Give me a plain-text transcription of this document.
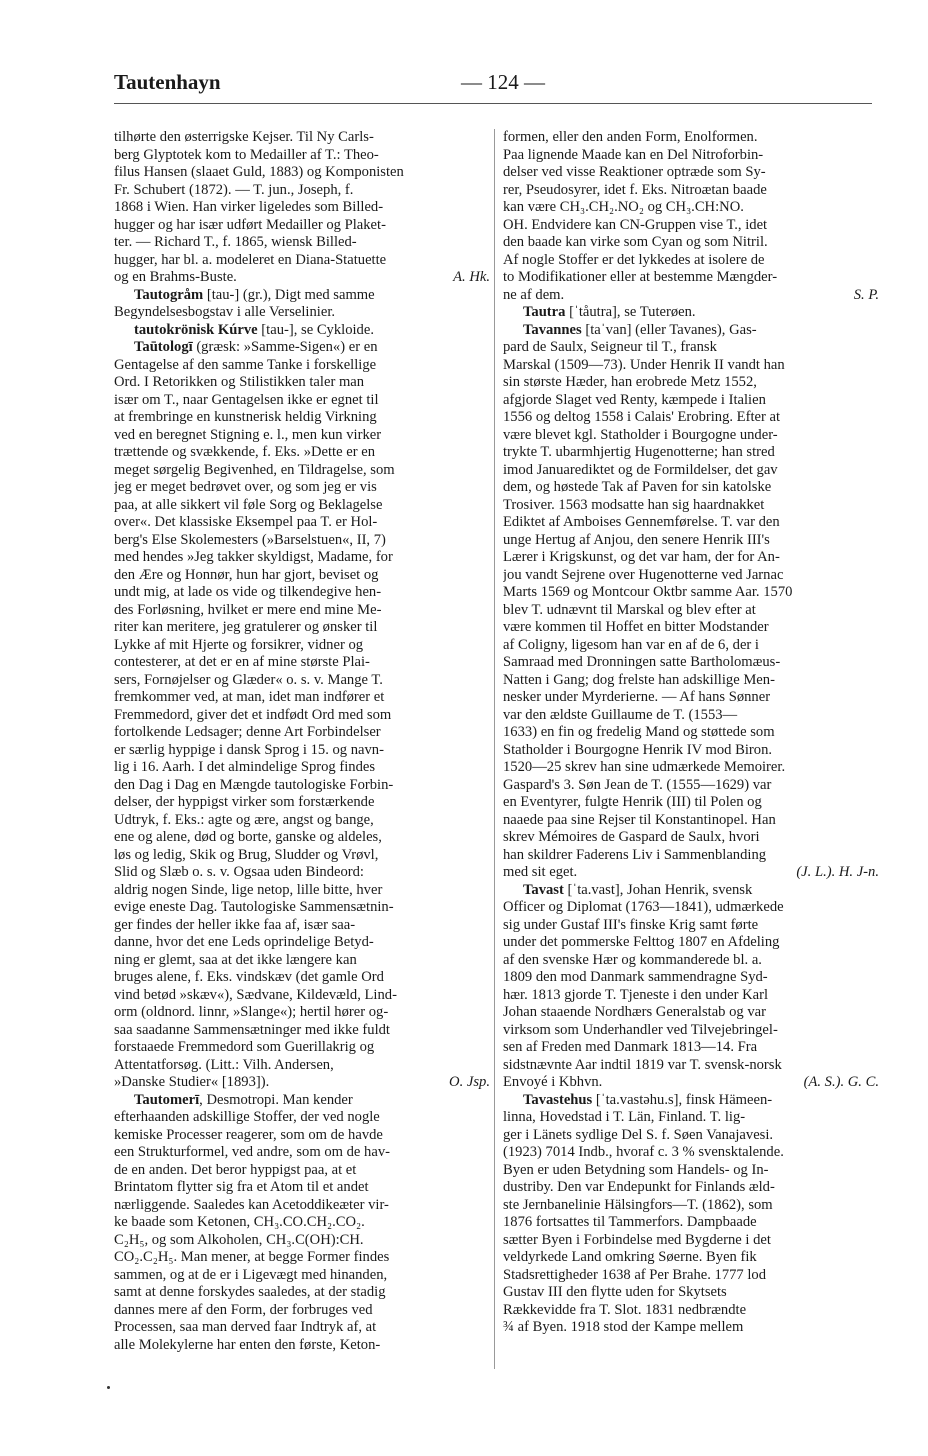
Tautenhayn	— 124 —
tilhørte den østerrigske Kejser. Til Ny Carls-
berg Glyptotek kom to Medailler af T.: Theo-
filus Hansen (slaaet Guld, 1883) og Komponisten
Fr. Schubert (1872). — T. jun., Joseph, f.
1868 i Wien. Han virker ligeledes som Billed-
hugger og har især udført Medailler og Plaket-
ter. — Richard T., f. 1865, wiensk Billed-
hugger, har bl. a. modeleret en Diana-Statuette
A. Hk.
og en Brahms-Buste.
Tautogråm [tau-] (gr.), Digt med samme
Begyndelsesbogstav i alle Verselinier.
tautokrönisk Kúrve [tau-], se Cykloide.
Taūtologī (græsk: »Samme-Sigen«) er en
Gentagelse af den samme Tanke i forskellige
Ord. I Retorikken og Stilistikken taler man
især om T., naar Gentagelsen ikke er egnet til
at frembringe en kunstnerisk heldig Virkning
ved en beregnet Stigning e. l., men kun virker
trættende og svækkende, f. Eks. »Dette er en
meget sørgelig Begivenhed, en Tildragelse, som
jeg er meget bedrøvet over, og som jeg er vis
paa, at alle sikkert vil føle Sorg og Beklagelse
over«. Det klassiske Eksempel paa T. er Hol-
berg's Else Skolemesters (»Barselstuen«, II, 7)
med hendes »Jeg takker skyldigst, Madame, for
den Ære og Honnør, hun har gjort, beviset og
undt mig, at lade os vide og tilkendegive hen-
des Forløsning, hvilket er mere end mine Me-
riter kan meritere, jeg gratulerer og ønsker til
Lykke af mit Hjerte og forsikrer, vidner og
contesterer, at det er en af mine største Plai-
sers, Fornøjelser og Glæder« o. s. v. Mange T.
fremkommer ved, at man, idet man indfører et
Fremmedord, giver det et indfødt Ord med som
fortolkende Ledsager; denne Art Forbindelser
er særlig hyppige i dansk Sprog i 15. og navn-
lig i 16. Aarh. I det almindelige Sprog findes
den Dag i Dag en Mængde tautologiske Forbin-
delser, der hyppigst virker som forstærkende
Udtryk, f. Eks.: agte og ære, angst og bange,
ene og alene, død og borte, ganske og aldeles,
løs og ledig, Skik og Brug, Sludder og Vrøvl,
Slid og Slæb o. s. v. Ogsaa uden Bindeord:
aldrig nogen Sinde, lige netop, lille bitte, hver
evige eneste Dag. Tautologiske Sammensætnin-
ger findes der heller ikke faa af, især saa-
danne, hvor det ene Leds oprindelige Betyd-
ning er glemt, saa at det ikke længere kan
bruges alene, f. Eks. vindskæv (det gamle Ord
vind betød »skæv«), Sædvane, Kildevæld, Lind-
orm (oldnord. linnr, »Slange«); hertil hører og-
saa saadanne Sammensætninger med ikke fuldt
forstaaede Fremmedord som Guerillakrig og
Attentatforsøg. (Litt.: Vilh. Andersen,
O. Jsp.
»Danske Studier« [1893]).
Tautomerī, Desmotropi. Man kender
efterhaanden adskillige Stoffer, der ved nogle
kemiske Processer reagerer, som om de havde
een Strukturformel, ved andre, som om de hav-
de en anden. Det beror hyppigst paa, at et
Brintatom flytter sig fra et Atom til et andet
nærliggende. Saaledes kan Acetoddikeæter vir-
ke baade som Ketonen, CH₃.CO.CH₂.CO₂.
C₂H₅, og som Alkoholen, CH₃.C(OH):CH.
CO₂.C₂H₅. Man mener, at begge Former findes
sammen, og at de er i Ligevægt med hinanden,
samt at denne forskydes saaledes, at der stadig
dannes mere af den Form, der forbruges ved
Processen, saa man derved faar Indtryk af, at
alle Molekylerne har enten den første, Keton-
formen, eller den anden Form, Enolformen.
Paa lignende Maade kan en Del Nitroforbin-
delser ved visse Reaktioner optræde som Sy-
rer, Pseudosyrer, idet f. Eks. Nitroætan baade
kan være CH₃.CH₂.NO₂ og CH₃.CH:NO.
OH. Endvidere kan CN-Gruppen vise T., idet
den baade kan virke som Cyan og som Nitril.
Af nogle Stoffer er det lykkedes at isolere de
to Modifikationer eller at bestemme Mængder-
S. P.
ne af dem.
Tautra [ˈtåutra], se Tuterøen.
Tavannes [taˈvan] (eller Tavanes), Gas-
pard de Saulx, Seigneur til T., fransk
Marskal (1509—73). Under Henrik II vandt han
sin største Hæder, han erobrede Metz 1552,
afgjorde Slaget ved Renty, kæmpede i Italien
1556 og deltog 1558 i Calais' Erobring. Efter at
være blevet kgl. Statholder i Bourgogne under-
trykte T. ubarmhjertig Hugenotterne; han stred
imod Januarediktet og de Formildelser, det gav
dem, og høstede Tak af Paven for sin katolske
Trosiver. 1563 modsatte han sig haardnakket
Ediktet af Amboises Gennemførelse. T. var den
unge Hertug af Anjou, den senere Henrik III's
Lærer i Krigskunst, og det var ham, der for An-
jou vandt Sejrene over Hugenotterne ved Jarnac
Marts 1569 og Montcour Oktbr samme Aar. 1570
blev T. udnævnt til Marskal og blev efter at
være kommen til Hoffet en bitter Modstander
af Coligny, ligesom han var en af de 6, der i
Samraad med Dronningen satte Bartholomæus-
Natten i Gang; dog frelste han adskillige Men-
nesker under Myrderierne. — Af hans Sønner
var den ældste Guillaume de T. (1553—
1633) en fin og fredelig Mand og støttede som
Statholder i Bourgogne Henrik IV mod Biron.
1520—25 skrev han sine udmærkede Memoirer.
Gaspard's 3. Søn Jean de T. (1555—1629) var
en Eventyrer, fulgte Henrik (III) til Polen og
naaede paa sine Rejser til Konstantinopel. Han
skrev Mémoires de Gaspard de Saulx, hvori
han skildrer Faderens Liv i Sammenblanding
(J. L.). H. J-n.
med sit eget.
Tavast [ˈta.vast], Johan Henrik, svensk
Officer og Diplomat (1763—1841), udmærkede
sig under Gustaf III's finske Krig samt førte
under det pommerske Felttog 1807 en Afdeling
af den svenske Hær og kommanderede bl. a.
1809 den mod Danmark sammendragne Syd-
hær. 1813 gjorde T. Tjeneste i den under Karl
Johan staaende Nordhærs Generalstab og var
virksom som Underhandler ved Tilvejebringel-
sen af Freden med Danmark 1813—14. Fra
sidstnævnte Aar indtil 1819 var T. svensk-norsk
(A. S.). G. C.
Envoyé i Kbhvn.
Tavastehus [ˈta.vastəhu.s], finsk Hämeen-
linna, Hovedstad i T. Län, Finland. T. lig-
ger i Länets sydlige Del S. f. Søen Vanajavesi.
(1923) 7014 Indb., hvoraf c. 3 % svensktalende.
Byen er uden Betydning som Handels- og In-
dustriby. Den var Endepunkt for Finlands æld-
ste Jernbanelinie Hälsingfors—T. (1862), som
1876 fortsattes til Tammerfors. Dampbaade
sætter Byen i Forbindelse med Bygderne i det
veldyrkede Land omkring Søerne. Byen fik
Stadsrettigheder 1638 af Per Brahe. 1777 lod
Gustav III den flytte uden for Skytsets
Rækkevidde fra T. Slot. 1831 nedbrændte
¾ af Byen. 1918 stod der Kampe mellem
